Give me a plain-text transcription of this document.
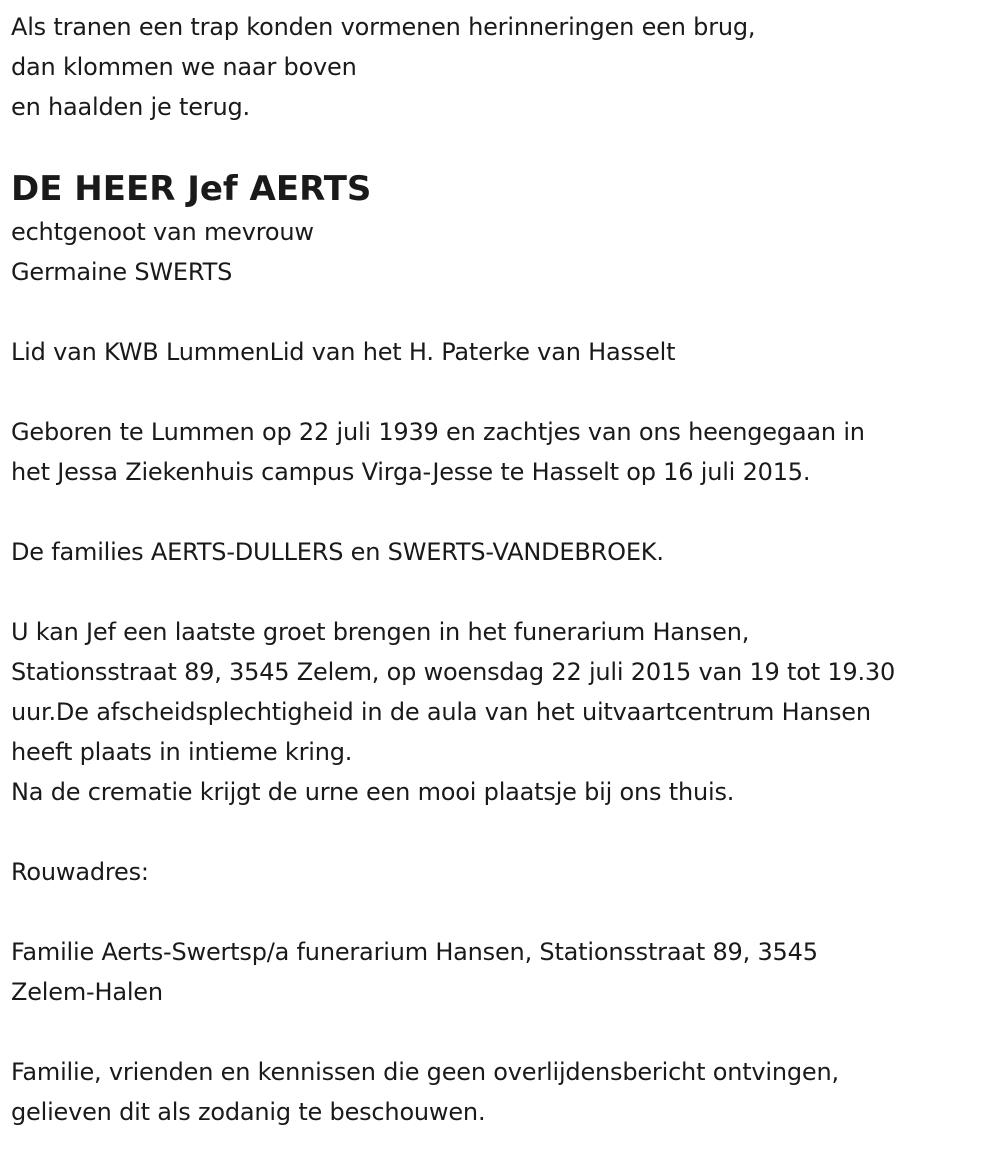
Als tranen een trap konden vormenen herinneringen een brug,
dan klommen we naar boven
en haalden je terug.
DE HEER Jef AERTS
echtgenoot van mevrouw
Germaine SWERTS
Lid van KWB LummenLid van het H. Paterke van Hasselt
Geboren te Lummen op 22 juli 1939 en zachtjes van ons heengegaan in
het Jessa Ziekenhuis campus Virga-Jesse te Hasselt op 16 juli 2015.
De families AERTS-DULLERS en SWERTS-VANDEBROEK.
U kan Jef een laatste groet brengen in het funerarium Hansen,
Stationsstraat 89, 3545 Zelem, op woensdag 22 juli 2015 van 19 tot 19.30
uur.De afscheidsplechtigheid in de aula van het uitvaartcentrum Hansen
heeft plaats in intieme kring.
Na de crematie krijgt de urne een mooi plaatsje bij ons thuis.
Rouwadres:
Familie Aerts-Swertsp/a funerarium Hansen, Stationsstraat 89, 3545
Zelem-Halen
Familie, vrienden en kennissen die geen overlijdensbericht ontvingen,
gelieven dit als zodanig te beschouwen.
